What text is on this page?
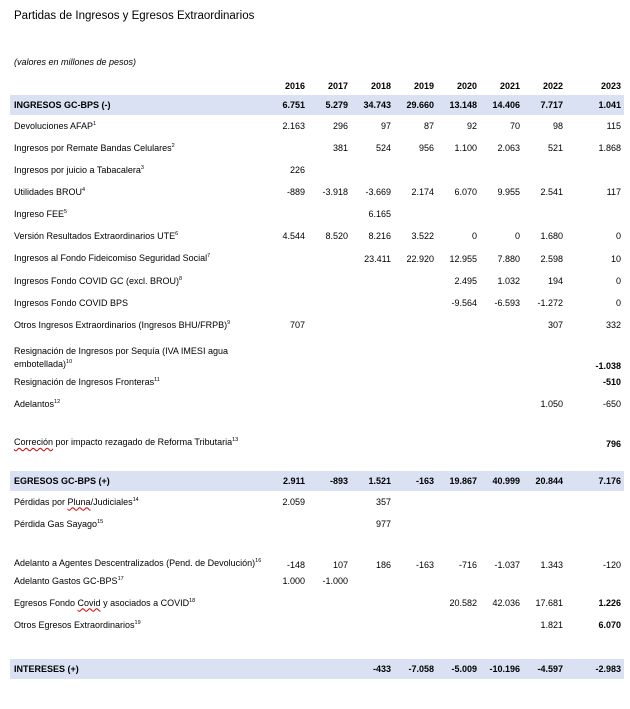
Partidas de Ingresos y Egresos Extraordinarios
(valores en millones de pesos)
	2016	2017	2018	2019	2020	2021	2022	2023
INGRESOS GC-BPS (-)	6.751	5.279	34.743	29.660	13.148	14.406	7.717	1.041
Devoluciones AFAP$^1$	2.163	296	97	87	92	70	98	115
Ingresos por Remate Bandas Celulares$^2$		381	524	956	1.100	2.063	521	1.868
Ingresos por juicio a Tabacalera$^3$	226							
Utilidades BROU$^4$	-889	-3.918	-3.669	2.174	6.070	9.955	2.541	117
Ingreso FEE$^5$			6.165					
Versión Resultados Extraordinarios UTE$^6$	4.544	8.520	8.216	3.522	0	0	1.680	0
Ingresos al Fondo Fideicomiso Seguridad Social$^7$			23.411	22.920	12.955	7.880	2.598	10
Ingresos Fondo COVID GC (excl. BROU)$^8$					2.495	1.032	194	0
Ingresos Fondo COVID BPS					-9.564	-6.593	-1.272	0
Otros Ingresos Extraordinarios (Ingresos BHU/FRPB)$^9$	707						307	332
Resignación de Ingresos por Sequía (IVA IMESI agua embotellada)$^{10}$								-1.038
Resignación de Ingresos Fronteras$^{11}$								-510
Adelantos$^{12}$							1.050	-650
Correción por impacto rezagado de Reforma Tributaria$^{13}$								796

EGRESOS GC-BPS (+)	2.911	-893	1.521	-163	19.867	40.999	20.844	7.176
Pérdidas por Pluna/Judiciales$^{14}$	2.059		357					
Pérdida Gas Sayago$^{15}$			977					
Adelanto a Agentes Descentralizados (Pend. de Devolución)$^{16}$	-148	107	186	-163	-716	-1.037	1.343	-120
Adelanto Gastos GC-BPS$^{17}$	1.000	-1.000						
Egresos Fondo Covid y asociados a COVID$^{18}$					20.582	42.036	17.681	1.226
Otros Egresos Extraordinarios$^{19}$							1.821	6.070

INTERESES (+)			-433	-7.058	-5.009	-10.196	-4.597	-2.983
